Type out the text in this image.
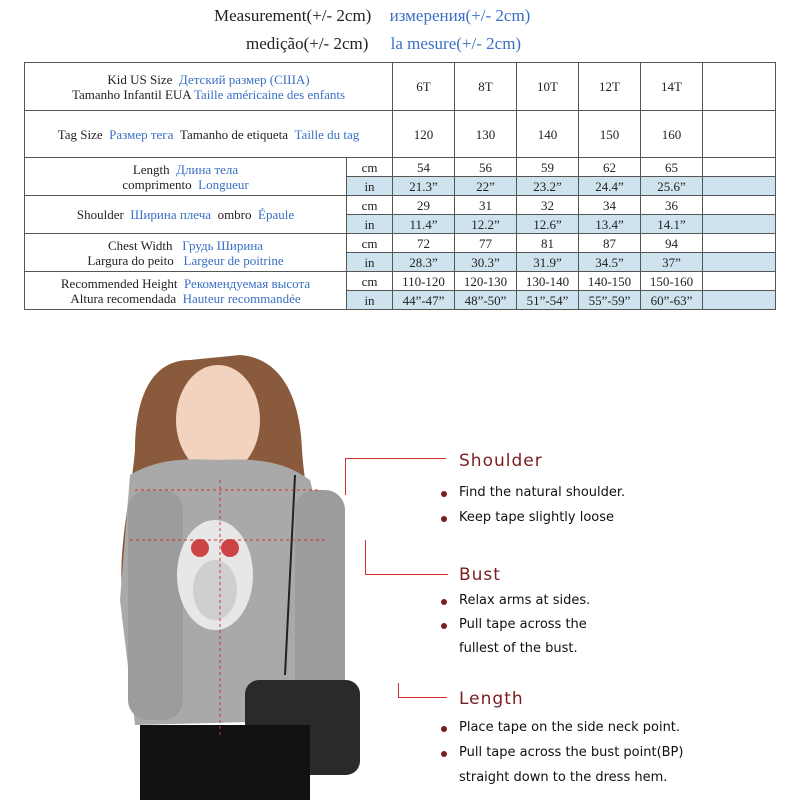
Measurement(+/- 2cm) измерения(+/- 2cm)
medição(+/- 2cm) la mesure(+/- 2cm)
Kid US Size Детский размер (США)
Tamanho Infantil EUA Taille américaine des enfants		6T	8T	10T	12T	14T	
Tag Size Размер тега Tamanho de etiqueta Taille du tag		120	130	140	150	160	
Length Длина тела
comprimento Longueur	cm	54	56	59	62	65	
	in	21.3”	22”	23.2”	24.4”	25.6”	
Shoulder Ширина плеча ombro Épaule	cm	29	31	32	34	36	
	in	11.4”	12.2”	12.6”	13.4”	14.1”	
Chest Width Грудь Ширина
Largura do peito Largeur de poitrine	cm	72	77	81	87	94	
	in	28.3”	30.3”	31.9”	34.5”	37”	
Recommended Height Рекомендуемая высота
Altura recomendada Hauteur recommandée	cm	110-120	120-130	130-140	140-150	150-160	
	in	44”-47”	48”-50”	51”-54”	55”-59”	60”-63”	
Shoulder
Find the natural shoulder.
Keep tape slightly loose
Bust
Relax arms at sides.
Pull tape across the
fullest of the bust.
Length
Place tape on the side neck point.
Pull tape across the bust point(BP)
straight down to the dress hem.
